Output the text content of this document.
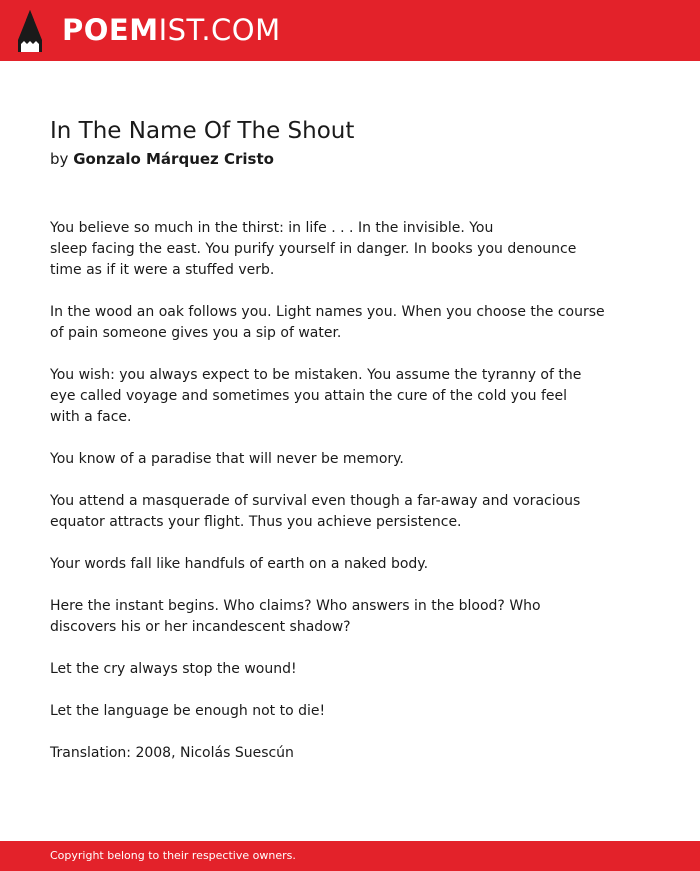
POEMIST.COM
In The Name Of The Shout
by Gonzalo Márquez Cristo

You believe so much in the thirst: in life . . . In the invisible. You
sleep facing the east. You purify yourself in danger. In books you denounce
time as if it were a stuffed verb.

In the wood an oak follows you. Light names you. When you choose the course
of pain someone gives you a sip of water.

You wish: you always expect to be mistaken. You assume the tyranny of the
eye called voyage and sometimes you attain the cure of the cold you feel
with a face.

You know of a paradise that will never be memory.

You attend a masquerade of survival even though a far-away and voracious
equator attracts your flight. Thus you achieve persistence.

Your words fall like handfuls of earth on a naked body.

Here the instant begins. Who claims? Who answers in the blood? Who
discovers his or her incandescent shadow?

Let the cry always stop the wound!

Let the language be enough not to die!

Translation: 2008, Nicolás Suescún

Copyright belong to their respective owners.
